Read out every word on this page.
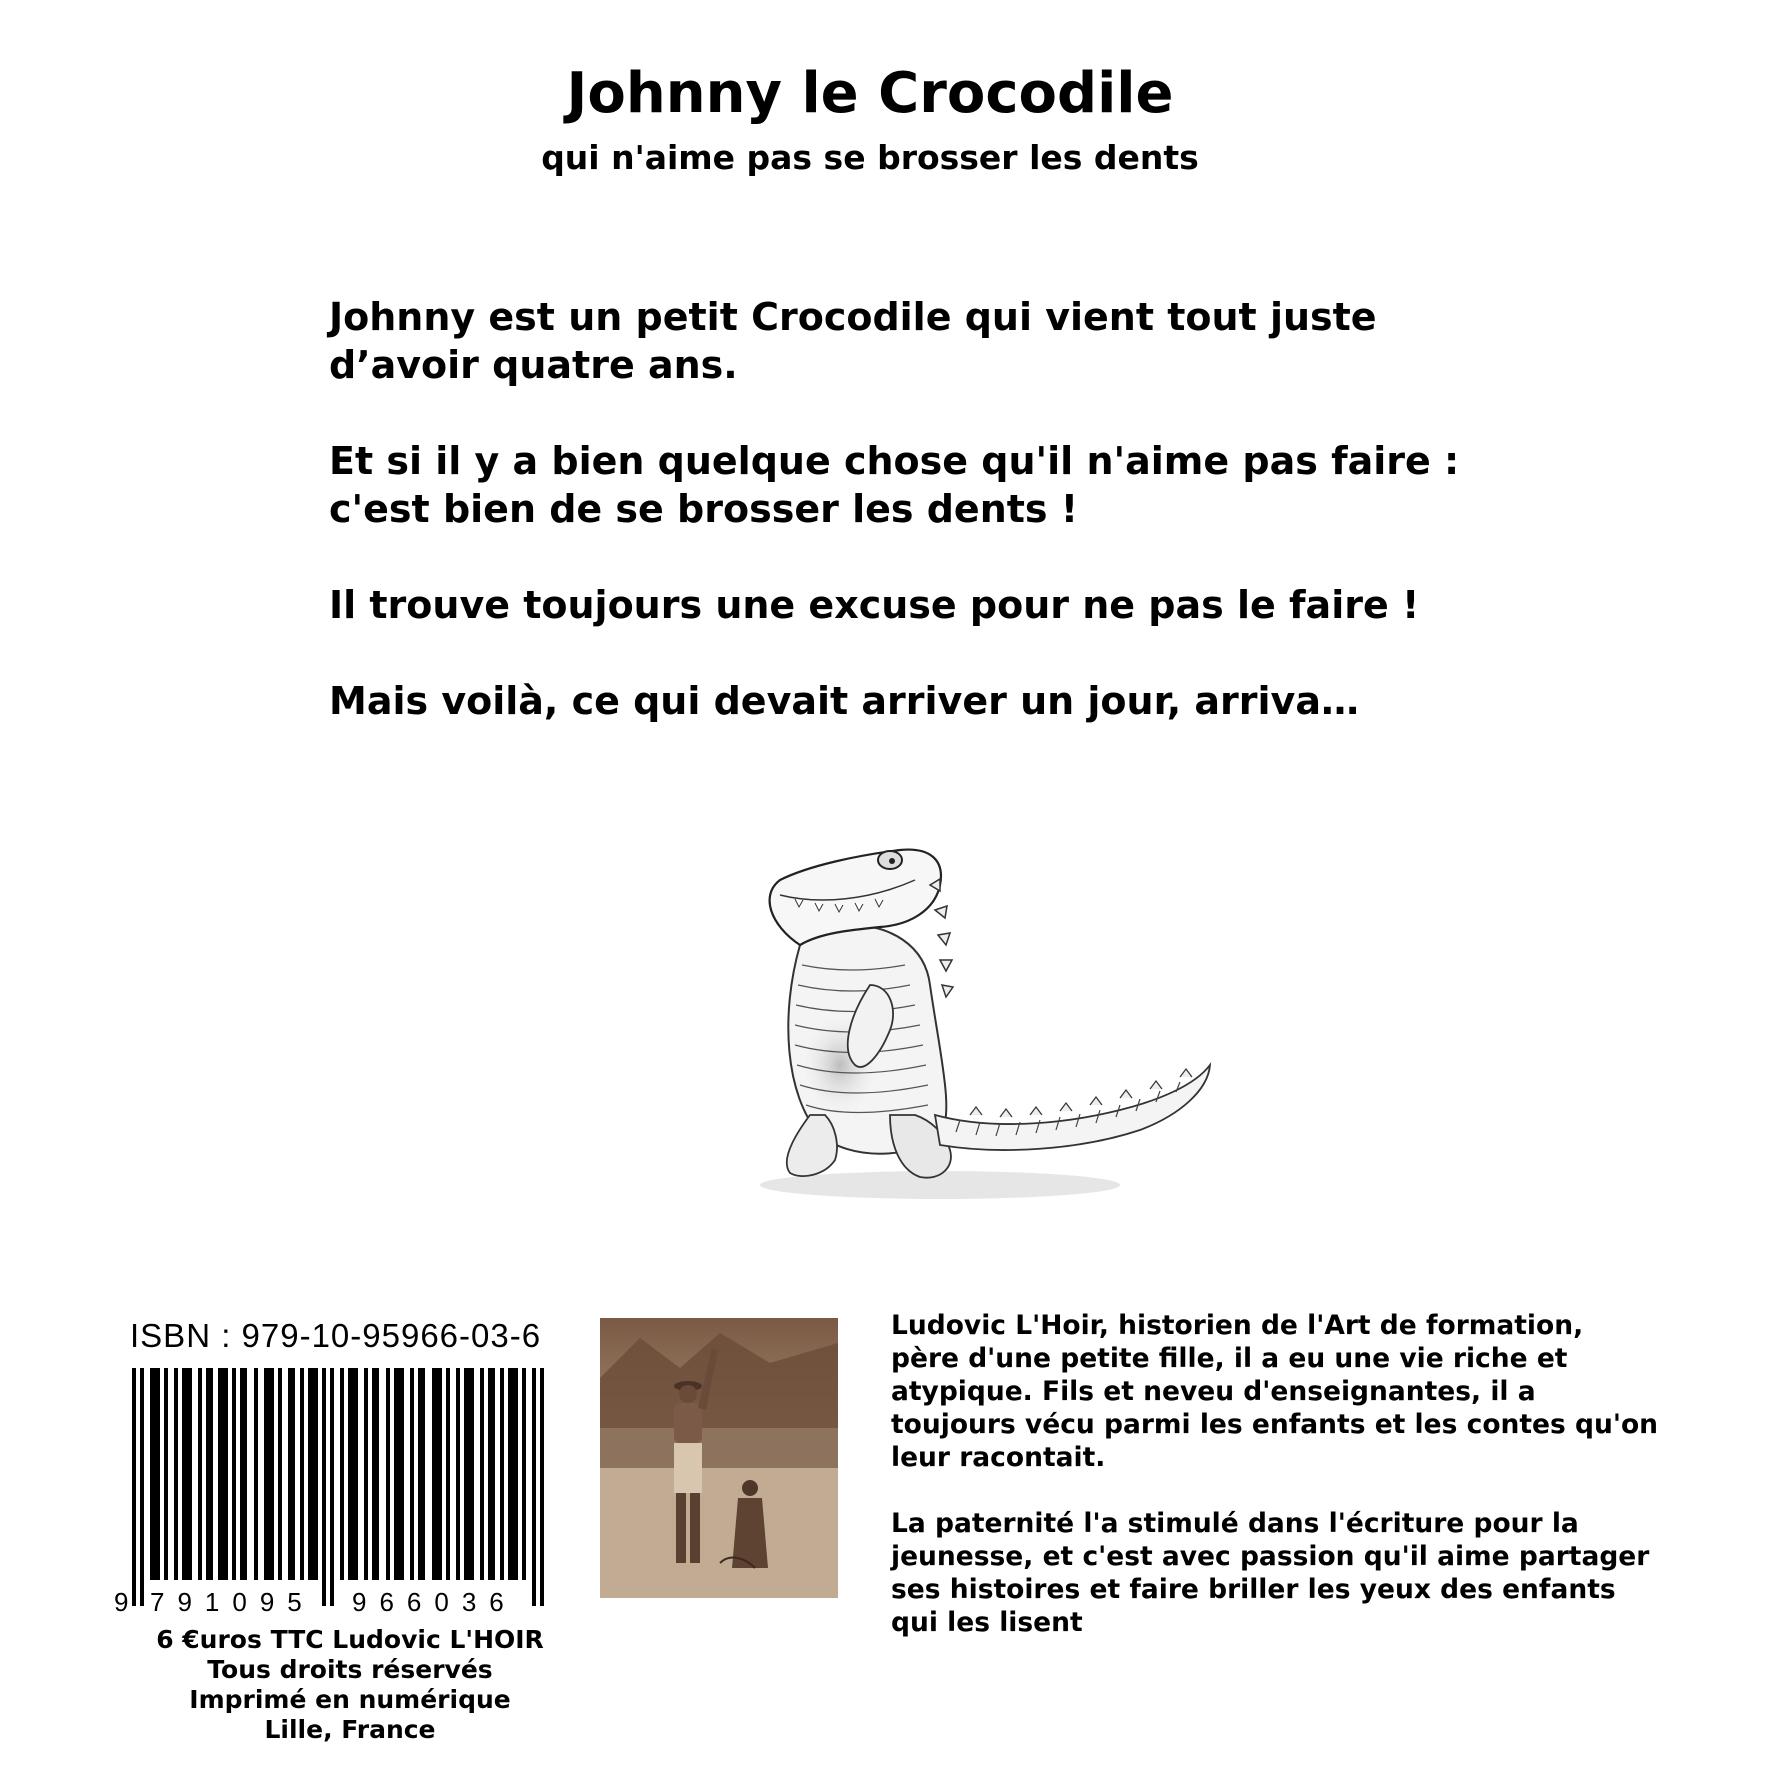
Johnny le Crocodile
qui n'aime pas se brosser les dents

Johnny est un petit Crocodile qui vient tout juste
d’avoir quatre ans.

Et si il y a bien quelque chose qu'il n'aime pas faire :
c'est bien de se brosser les dents !

Il trouve toujours une excuse pour ne pas le faire !

Mais voilà, ce qui devait arriver un jour, arriva…

ISBN : 979-10-95966-03-6
9 791095 966036
6 €uros TTC Ludovic L'HOIR
Tous droits réservés
Imprimé en numérique
Lille, France

Ludovic L'Hoir, historien de l'Art de formation,
père d'une petite fille, il a eu une vie riche et
atypique. Fils et neveu d'enseignantes, il a
toujours vécu parmi les enfants et les contes qu'on
leur racontait.

La paternité l'a stimulé dans l'écriture pour la
jeunesse, et c'est avec passion qu'il aime partager
ses histoires et faire briller les yeux des enfants
qui les lisent
